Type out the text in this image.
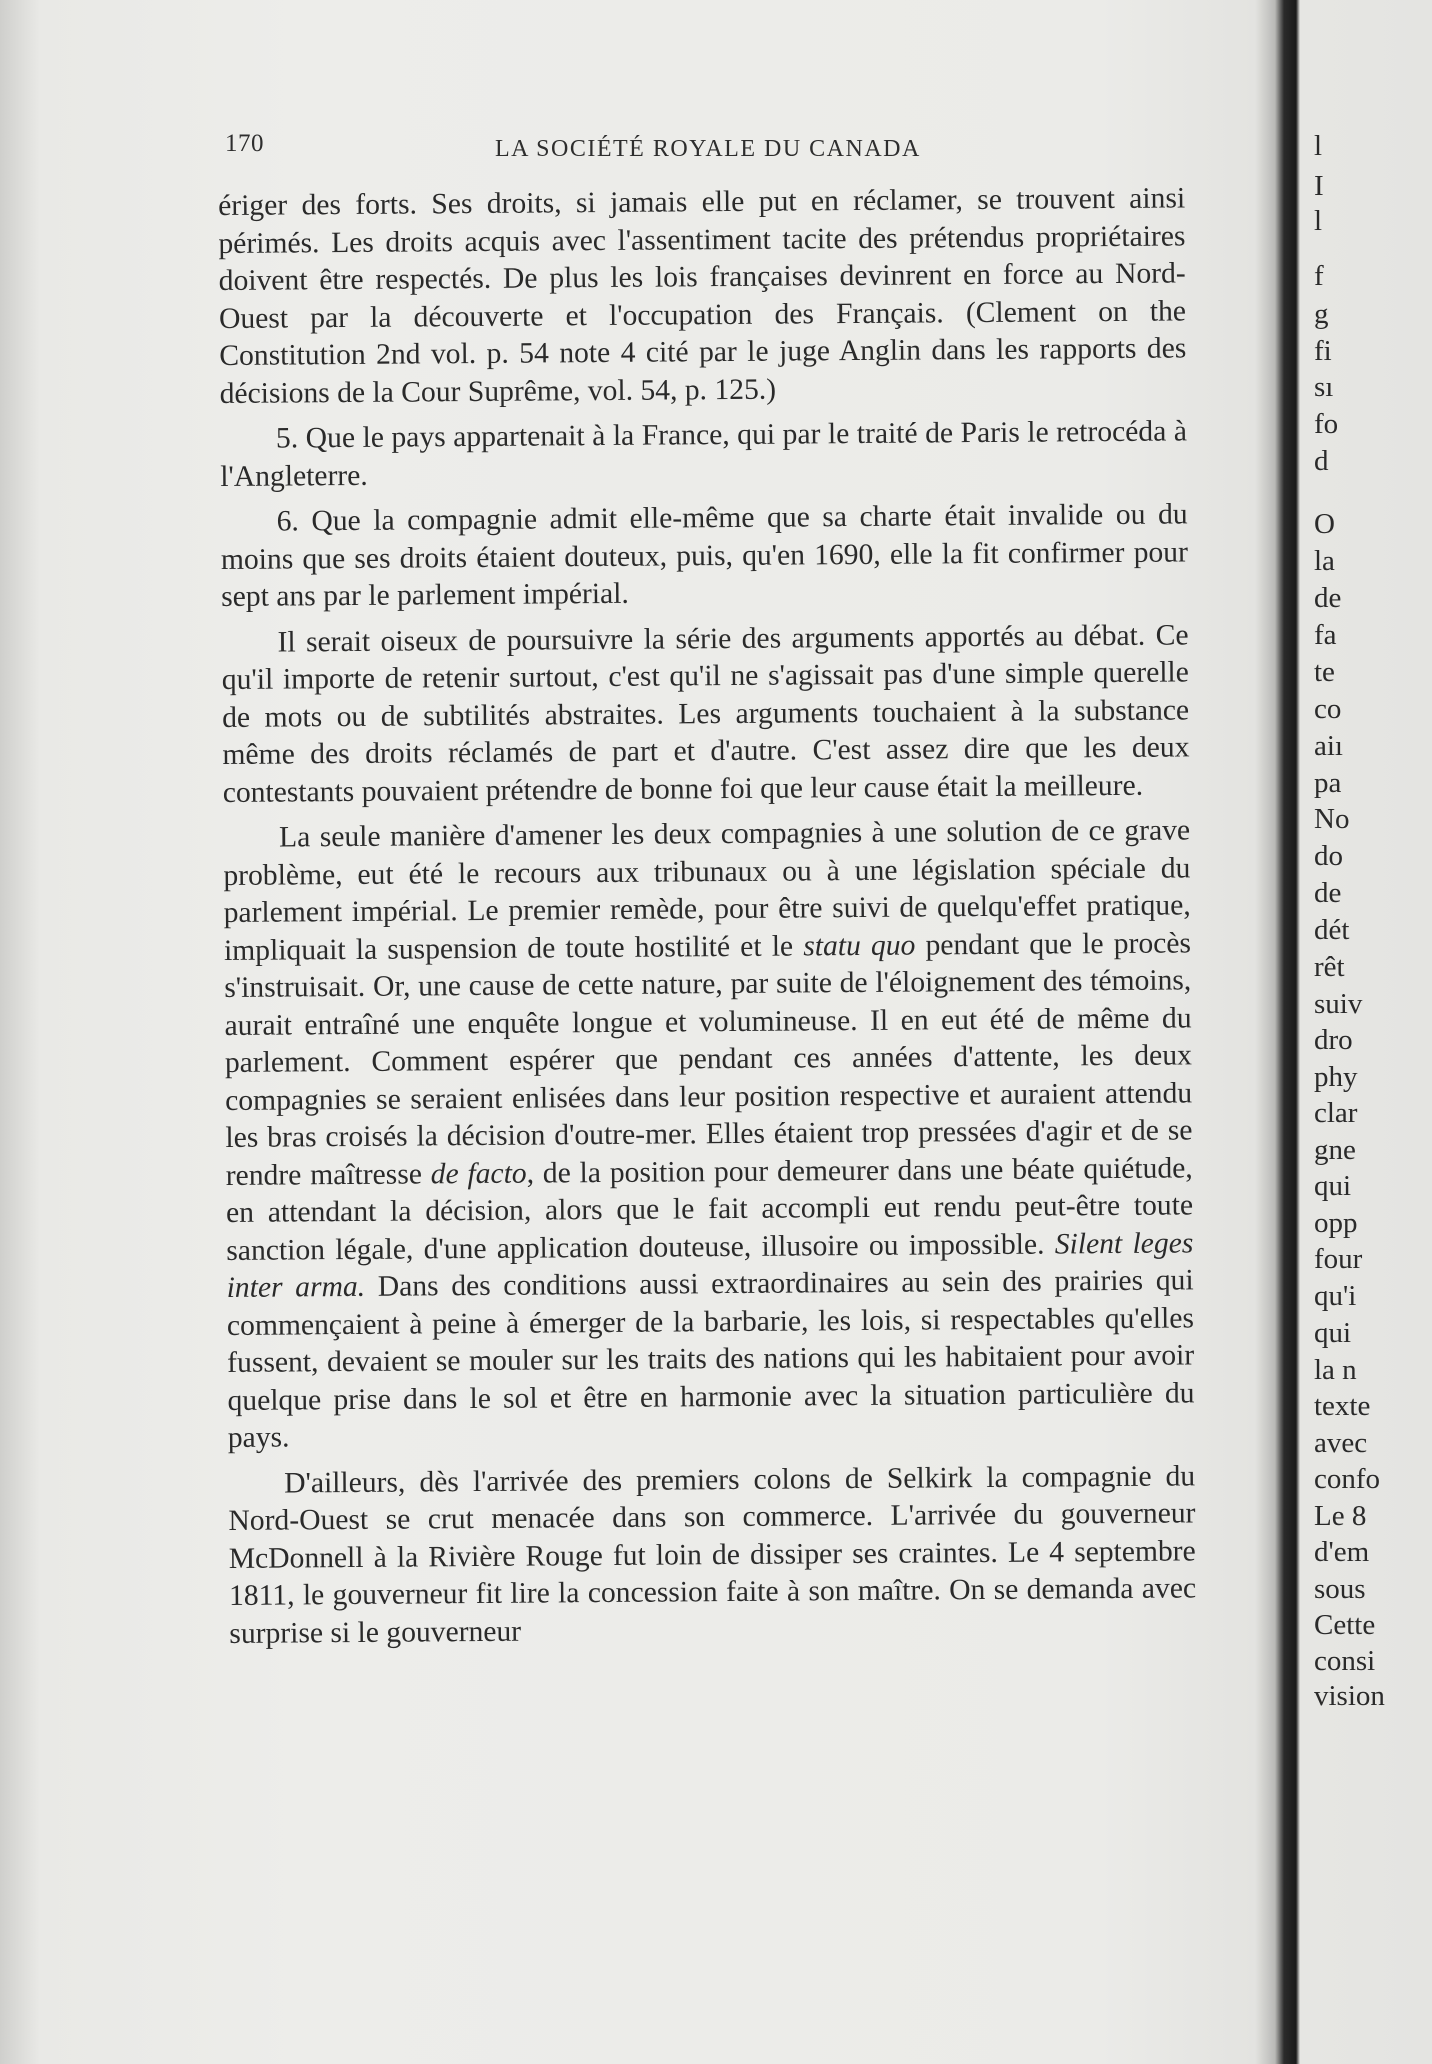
170	LA SOCIÉTÉ ROYALE DU CANADA

ériger des forts. Ses droits, si jamais elle put en réclamer, se trouvent ainsi périmés. Les droits acquis avec l'assentiment tacite des prétendus propriétaires doivent être respectés. De plus les lois françaises devinrent en force au Nord-Ouest par la découverte et l'occupation des Français. (Clement on the Constitution 2nd vol. p. 54 note 4 cité par le juge Anglin dans les rapports des décisions de la Cour Suprême, vol. 54, p. 125.)

5. Que le pays appartenait à la France, qui par le traité de Paris le retrocéda à l'Angleterre.

6. Que la compagnie admit elle-même que sa charte était invalide ou du moins que ses droits étaient douteux, puis, qu'en 1690, elle la fit confirmer pour sept ans par le parlement impérial.

Il serait oiseux de poursuivre la série des arguments apportés au débat. Ce qu'il importe de retenir surtout, c'est qu'il ne s'agissait pas d'une simple querelle de mots ou de subtilités abstraites. Les arguments touchaient à la substance même des droits réclamés de part et d'autre. C'est assez dire que les deux contestants pouvaient prétendre de bonne foi que leur cause était la meilleure.

La seule manière d'amener les deux compagnies à une solution de ce grave problème, eut été le recours aux tribunaux ou à une législation spéciale du parlement impérial. Le premier remède, pour être suivi de quelqu'effet pratique, impliquait la suspension de toute hostilité et le statu quo pendant que le procès s'instruisait. Or, une cause de cette nature, par suite de l'éloignement des témoins, aurait entraîné une enquête longue et volumineuse. Il en eut été de même du parlement. Comment espérer que pendant ces années d'attente, les deux compagnies se seraient enlisées dans leur position respective et auraient attendu les bras croisés la décision d'outre-mer. Elles étaient trop pressées d'agir et de se rendre maîtresse de facto, de la position pour demeurer dans une béate quiétude, en attendant la décision, alors que le fait accompli eut rendu peut-être toute sanction légale, d'une application douteuse, illusoire ou impossible. Silent leges inter arma. Dans des conditions aussi extraordinaires au sein des prairies qui commençaient à peine à émerger de la barbarie, les lois, si respectables qu'elles fussent, devaient se mouler sur les traits des nations qui les habitaient pour avoir quelque prise dans le sol et être en harmonie avec la situation particulière du pays.

D'ailleurs, dès l'arrivée des premiers colons de Selkirk la compagnie du Nord-Ouest se crut menacée dans son commerce. L'arrivée du gouverneur McDonnell à la Rivière Rouge fut loin de dissiper ses craintes. Le 4 septembre 1811, le gouverneur fit lire la concession faite à son maître. On se demanda avec surprise si le gouverneur

l
I
l
f
g
fi
sı
fo
d
O
la
de
fa
te
co
aiı
pa
No
do
de
dét
rêt
suiv
dro
phy
clar
gne
qui
opp
four
qu'i
qui
la n
texte
avec
confo
Le 8
d'em
sous
Cette
consi
vision
